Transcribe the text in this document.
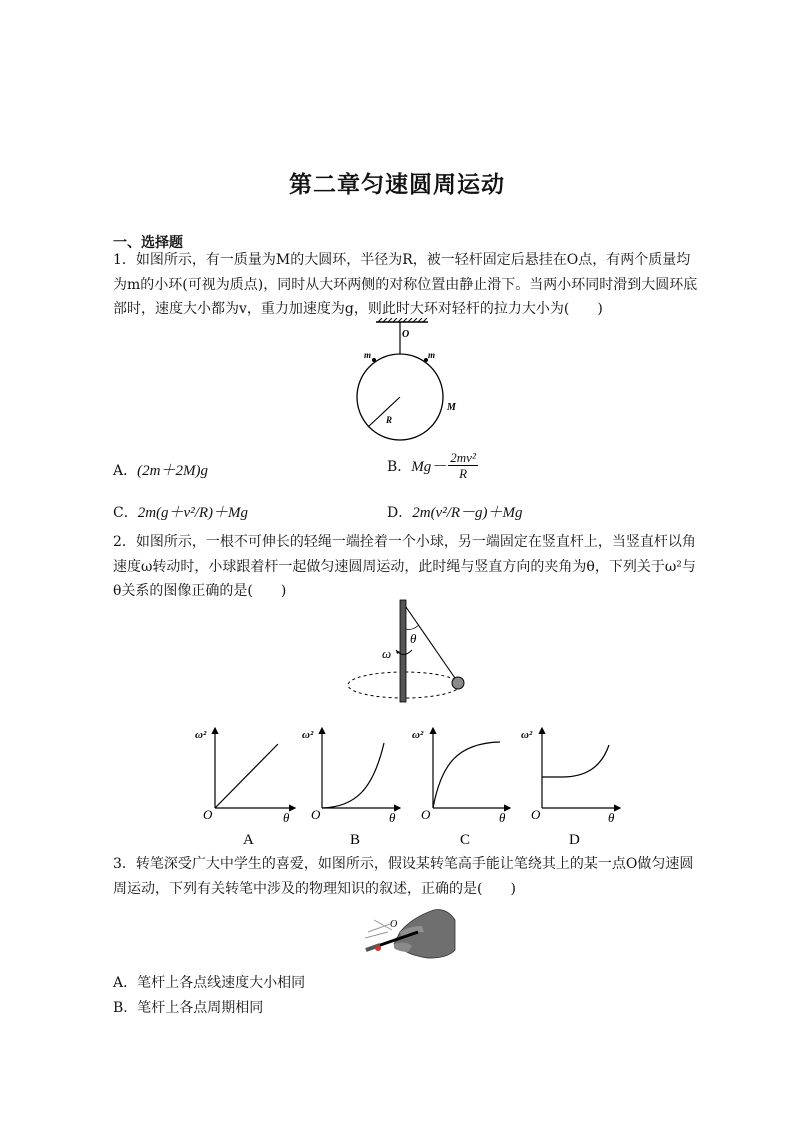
第二章匀速圆周运动
一、选择题
1．如图所示，有一质量为M的大圆环，半径为R，被一轻杆固定后悬挂在O点，有两个质量均为m的小环(可视为质点)，同时从大环两侧的对称位置由静止滑下。当两小环同时滑到大圆环底部时，速度大小都为v，重力加速度为g，则此时大环对轻杆的拉力大小为(　　)
O
m	m
R
M
A．(2m＋2M)g	B． $Mg- \frac{\text{2mv²}}{R}$
C．2m(g＋v²/R)＋Mg	D．2m(v²/R－g)＋Mg
2．如图所示，一根不可伸长的轻绳一端拴着一个小球，另一端固定在竖直杆上，当竖直杆以角速度ω转动时，小球跟着杆一起做匀速圆周运动，此时绳与竖直方向的夹角为θ，下列关于ω²与θ关系的图像正确的是(　　)
θ
ω
ω²
O	θ
A
ω²
O	θ
B
ω²
O	θ
C
ω²
O	θ
D
3．转笔深受广大中学生的喜爱，如图所示，假设某转笔高手能让笔绕其上的某一点O做匀速圆周运动，下列有关转笔中涉及的物理知识的叙述，正确的是(　　)
O
A．笔杆上各点线速度大小相同
B．笔杆上各点周期相同
